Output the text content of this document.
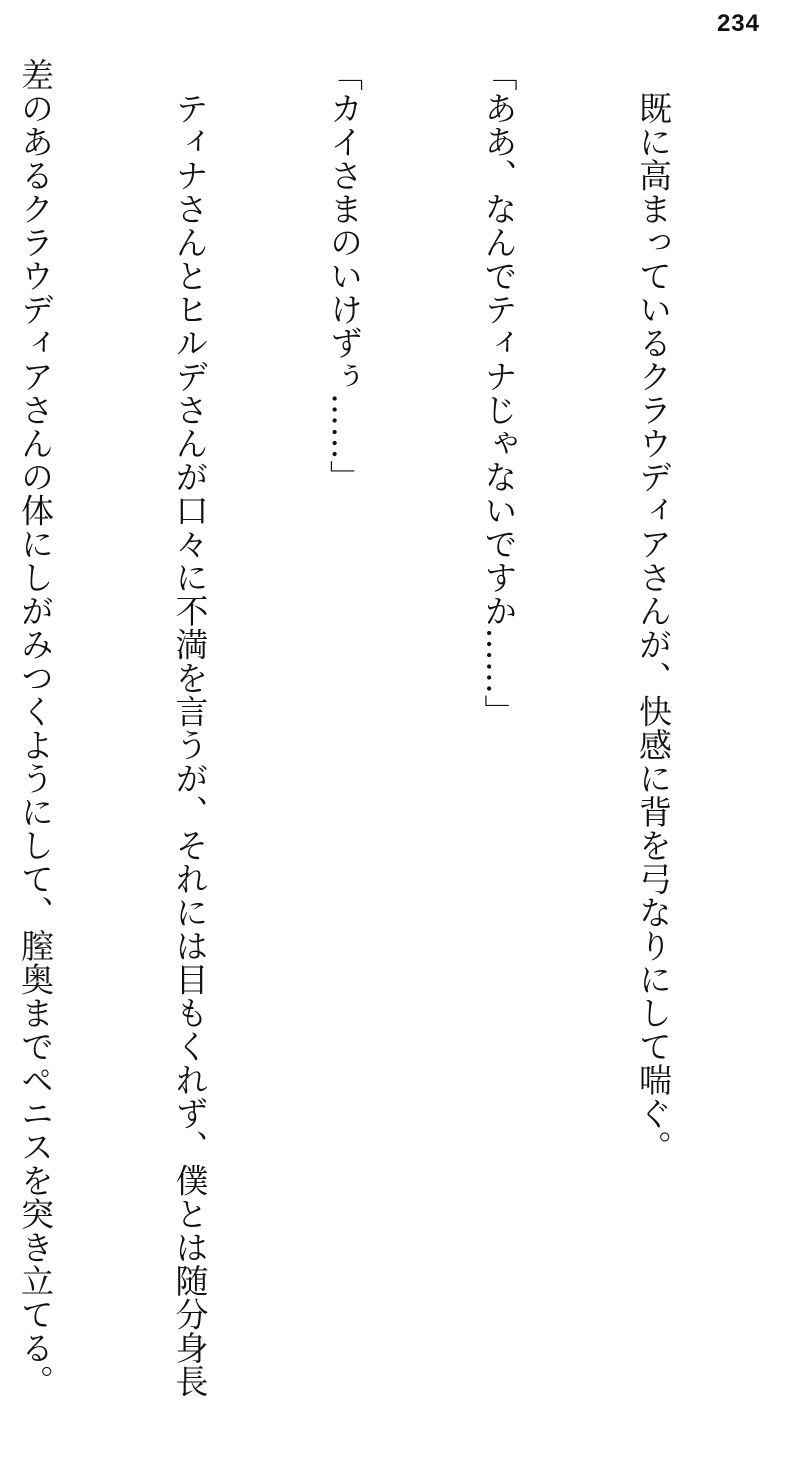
234

　既に高まっているクラウディアさんが、快感に背を弓なりにして喘ぐ。

「ああ、なんでティナじゃないですか……」

「カイさまのいけずぅ……」

　ティナさんとヒルデさんが口々に不満を言うが、それには目もくれず、僕とは随分身長

差のあるクラウディアさんの体にしがみつくようにして、膣奥までペニスを突き立てる。
